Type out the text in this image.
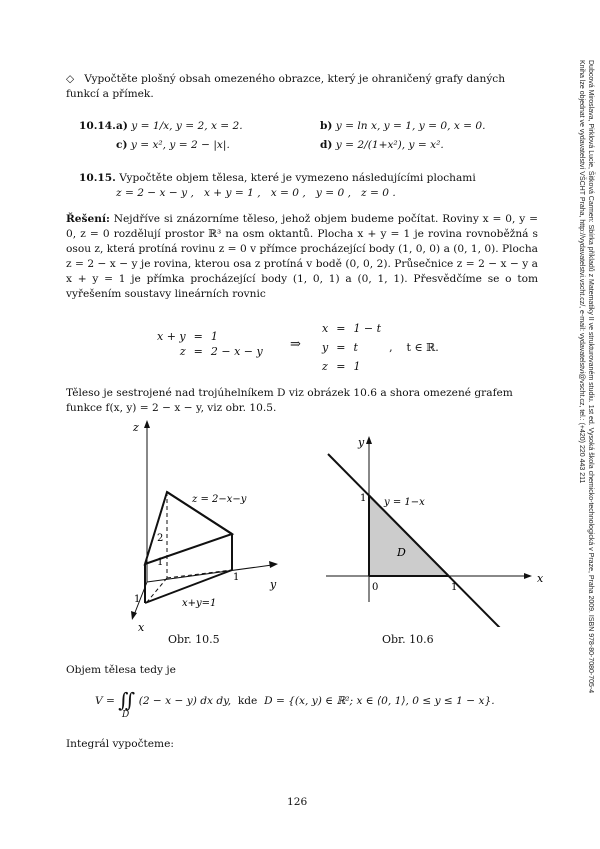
Dubcová Miroslava, Pirklová Lucie, Šitková Carmen: Sbírka příkladů z Matematiky II ve strukturovaném studiu. 1st ed. Vysoká škola chemicko-technologická v Praze, Praha 2009. ISBN 978-80-7080-705-4
Kniha lze objednat ve vydavatelství VŠCHT Praha, http://vydavatelstvi.vscht.cz/, e-mail: vydavatelstvi@vscht.cz, tel.: (+420) 220 443 211
◇ Vypočtěte plošný obsah omezeného obrazce, který je ohraničený grafy daných funkcí a přímek.
10.14. a) y = 1/x, y = 2, x = 2.	b) y = ln x, y = 1, y = 0, x = 0.
c) y = x², y = 2 − |x|.	d) y = 2/(1+x²), y = x².
10.15. Vypočtěte objem tělesa, které je vymezeno následujícími plochami
z = 2 − x − y ,   x + y = 1 ,   x = 0 ,   y = 0 ,   z = 0 .
Řešení: Nejdříve si znázorníme těleso, jehož objem budeme počítat. Roviny x = 0, y = 0, z = 0 rozdělují prostor ℝ³ na osm oktantů. Plocha x + y = 1 je rovina rovnoběžná s osou z, která protíná rovinu z = 0 v přímce procházející body (1, 0, 0) a (0, 1, 0). Plocha z = 2 − x − y je rovina, kterou osa z protíná v bodě (0, 0, 2). Průsečnice z = 2 − x − y a x + y = 1 je přímka procházející body (1, 0, 1) a (0, 1, 1). Přesvědčíme se o tom vyřešením soustavy lineárních rovnic
x + y	=	1
z	=	2 − x − y ⇒
x	=	1 − t	
y	=	t	,    t ∈ ℝ.
z	=	1	
Těleso je sestrojené nad trojúhelníkem D viz obrázek 10.6 a shora omezené grafem funkce f(x, y) = 2 − x − y, viz obr. 10.5.
z
y
x
z = 2−x−y
x+y=1
2
1
1
1
Obr. 10.5
y
x
y = 1−x
D
0	1
1
Obr. 10.6
Objem tělesa tedy je
V = ∬ (2 − x − y) dx dy, kde D = {(x, y) ∈ ℝ²; x ∈ ⟨0, 1⟩, 0 ≤ y ≤ 1 − x}.
D
Integrál vypočteme:
126
